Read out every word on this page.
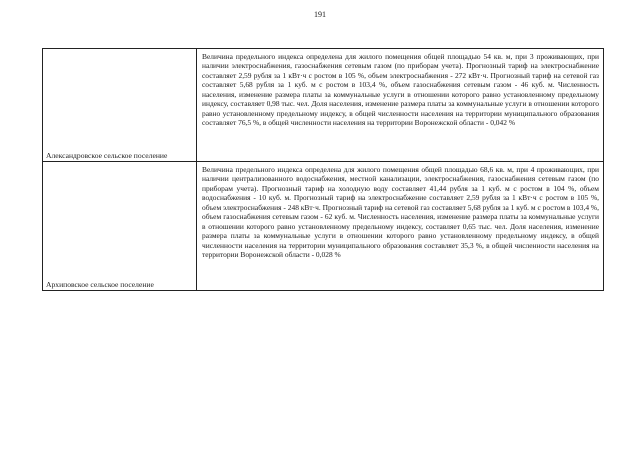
191
Александровское сельское поселение
Величина предельного индекса определена для жилого помещения общей площадью 54 кв. м, при 3 проживающих, при наличии электроснабжения, газоснабжения сетевым газом (по приборам учета). Прогнозный тариф на электроснабжение составляет 2,59 рубля за 1 кВт·ч с ростом в 105 %, объем электроснабжения - 272 кВт·ч. Прогнозный тариф на сетевой газ составляет 5,68 рубля за 1 куб. м с ростом в 103,4 %, объем газоснабжения сетевым газом - 46 куб. м. Численность населения, изменение размера платы за коммунальные услуги в отношении которого равно установленному предельному индексу, составляет 0,98 тыс. чел. Доля населения, изменение размера платы за коммунальные услуги в отношении которого равно установленному предельному индексу, в общей численности населения на территории муниципального образования составляет 76,5 %, в общей численности населения на территории Воронежской области - 0,042 %
Архиповское сельское поселение
Величина предельного индекса определена для жилого помещения общей площадью 68,6 кв. м, при 4 проживающих, при наличии централизованного водоснабжения, местной канализации, электроснабжения, газоснабжения сетевым газом (по приборам учета). Прогнозный тариф на холодную воду составляет 41,44 рубля за 1 куб. м с ростом в 104 %, объем водоснабжения - 10 куб. м. Прогнозный тариф на электроснабжение составляет 2,59 рубля за 1 кВт·ч с ростом в 105 %, объем электроснабжения - 248 кВт·ч. Прогнозный тариф на сетевой газ составляет 5,68 рубля за 1 куб. м с ростом в 103,4 %, объем газоснабжения сетевым газом - 62 куб. м. Численность населения, изменение размера платы за коммунальные услуги в отношении которого равно установленному предельному индексу, составляет 0,65 тыс. чел. Доля населения, изменение размера платы за коммунальные услуги в отношении которого равно установленному предельному индексу, в общей численности населения на территории муниципального образования составляет 35,3 %, в общей численности населения на территории Воронежской области - 0,028 %
